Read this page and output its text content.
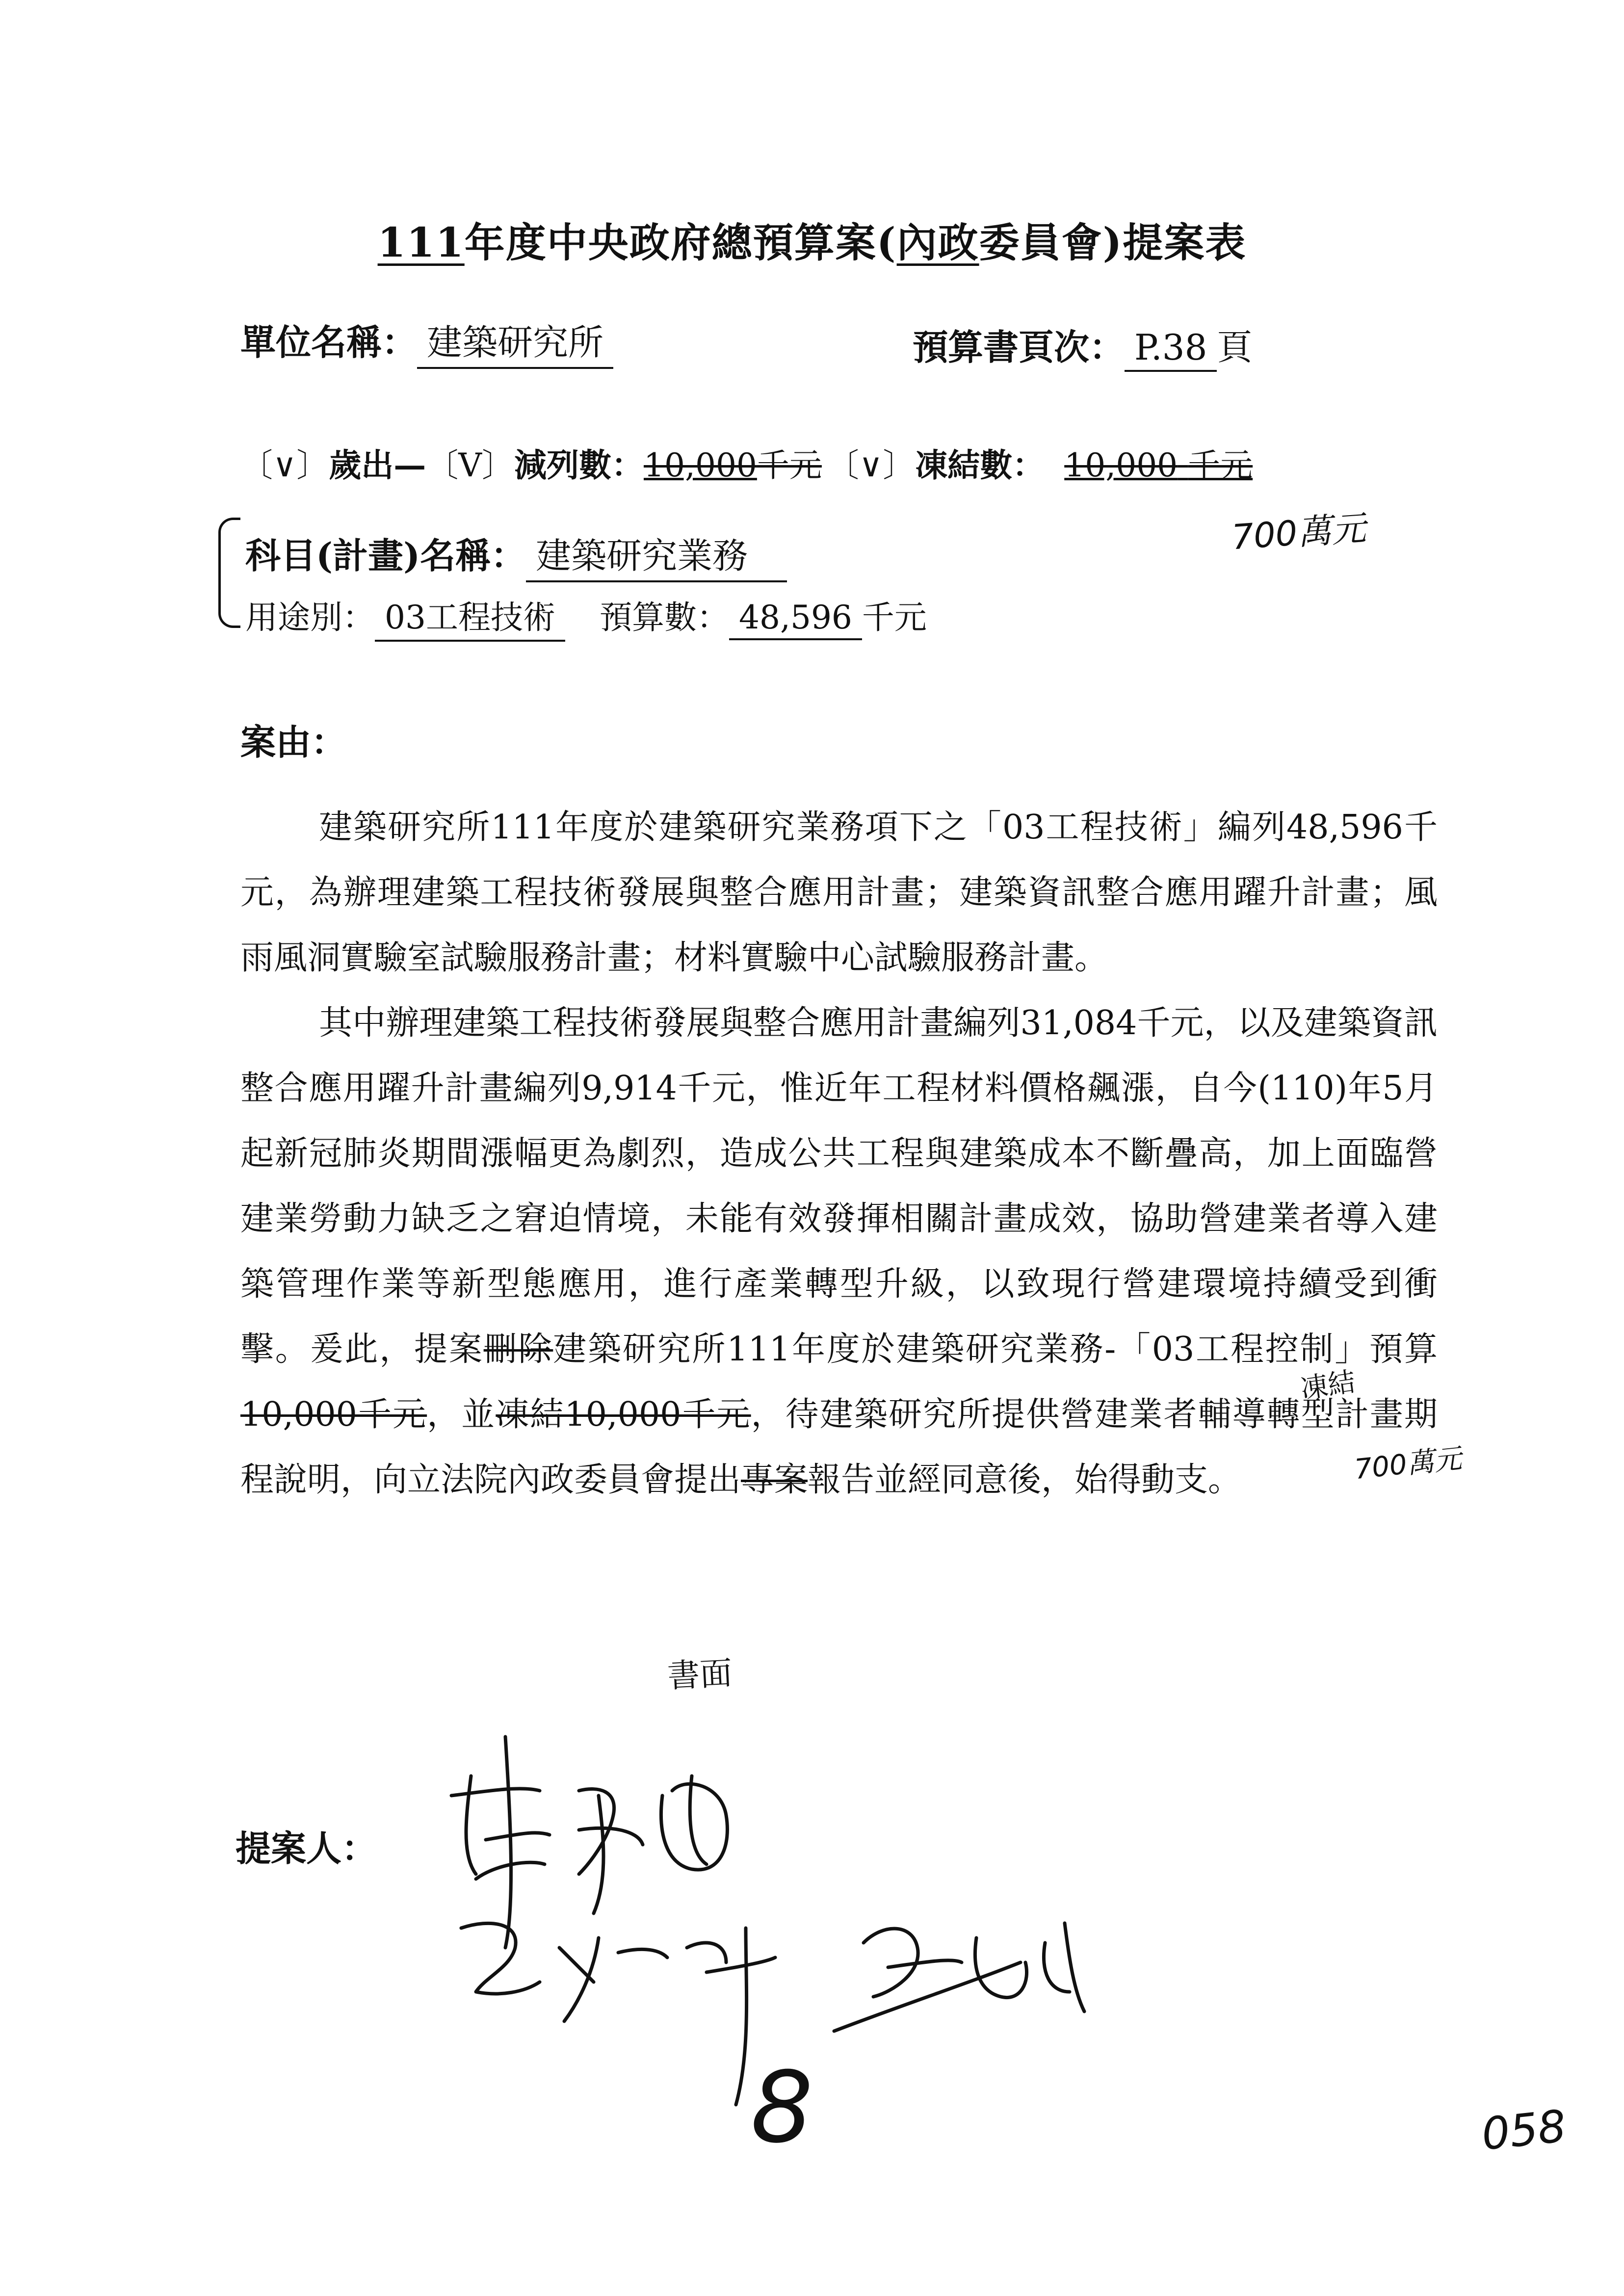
111年度中央政府總預算案(內政委員會)提案表
單位名稱： 建築研究所	預算書頁次： P.38 頁
〔∨〕歲出—〔V〕減列數：10,000千元 〔∨〕凍結數： 10,000 千元
700萬元
科目(計畫)名稱： 建築研究業務
用途別： 03工程技術 預算數： 48,596 千元
案由：

建築研究所111年度於建築研究業務項下之「03工程技術」編列48,596千元，為辦理建築工程技術發展與整合應用計畫；建築資訊整合應用躍升計畫；風雨風洞實驗室試驗服務計畫；材料實驗中心試驗服務計畫。

其中辦理建築工程技術發展與整合應用計畫編列31,084千元，以及建築資訊整合應用躍升計畫編列9,914千元，惟近年工程材料價格飆漲，自今(110)年5月起新冠肺炎期間漲幅更為劇烈，造成公共工程與建築成本不斷疊高，加上面臨營建業勞動力缺乏之窘迫情境，未能有效發揮相關計畫成效，協助營建業者導入建築管理作業等新型態應用，進行產業轉型升級，以致現行營建環境持續受到衝擊。爰此，提案刪除建築研究所111年度於建築研究業務-「03工程控制」預算10,000千元，並凍結10,000千元，待建築研究所提供營建業者輔導轉型計畫期程說明，向立法院內政委員會提出專案報告並經同意後，始得動支。

凍結
700萬元
書面
提案人：
8	058
